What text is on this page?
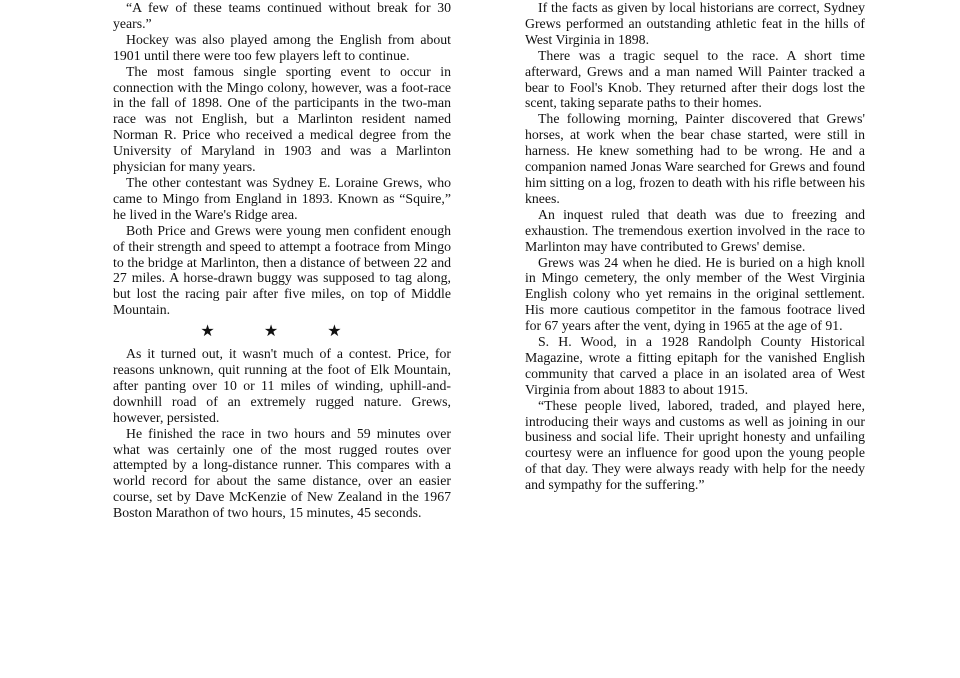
“A few of these teams continued without break for 30 years.”

Hockey was also played among the English from about 1901 until there were too few players left to continue.

The most famous single sporting event to occur in connection with the Mingo colony, however, was a foot-race in the fall of 1898. One of the participants in the two-man race was not English, but a Marlinton resident named Norman R. Price who received a medical degree from the University of Maryland in 1903 and was a Marlinton physician for many years.

The other contestant was Sydney E. Loraine Grews, who came to Mingo from England in 1893. Known as “Squire,” he lived in the Ware's Ridge area.

Both Price and Grews were young men confident enough of their strength and speed to attempt a footrace from Mingo to the bridge at Marlinton, then a distance of between 22 and 27 miles. A horse-drawn buggy was supposed to tag along, but lost the racing pair after five miles, on top of Middle Mountain.

★ ★ ★

As it turned out, it wasn't much of a contest. Price, for reasons unknown, quit running at the foot of Elk Mountain, after panting over 10 or 11 miles of winding, uphill-and-downhill road of an extremely rugged nature. Grews, however, persisted.

He finished the race in two hours and 59 minutes over what was certainly one of the most rugged routes over attempted by a long-distance runner. This compares with a world record for about the same distance, over an easier course, set by Dave McKenzie of New Zealand in the 1967 Boston Marathon of two hours, 15 minutes, 45 seconds.

If the facts as given by local historians are correct, Sydney Grews performed an outstanding athletic feat in the hills of West Virginia in 1898.

There was a tragic sequel to the race. A short time afterward, Grews and a man named Will Painter tracked a bear to Fool's Knob. They returned after their dogs lost the scent, taking separate paths to their homes.

The following morning, Painter discovered that Grews' horses, at work when the bear chase started, were still in harness. He knew something had to be wrong. He and a companion named Jonas Ware searched for Grews and found him sitting on a log, frozen to death with his rifle between his knees.

An inquest ruled that death was due to freezing and exhaustion. The tremendous exertion involved in the race to Marlinton may have contributed to Grews' demise.

Grews was 24 when he died. He is buried on a high knoll in Mingo cemetery, the only member of the West Virginia English colony who yet remains in the original settlement. His more cautious competitor in the famous footrace lived for 67 years after the vent, dying in 1965 at the age of 91.

S. H. Wood, in a 1928 Randolph County Historical Magazine, wrote a fitting epitaph for the vanished English community that carved a place in an isolated area of West Virginia from about 1883 to about 1915.

“These people lived, labored, traded, and played here, introducing their ways and customs as well as joining in our business and social life. Their upright honesty and unfailing courtesy were an influence for good upon the young people of that day. They were always ready with help for the needy and sympathy for the suffering.”
